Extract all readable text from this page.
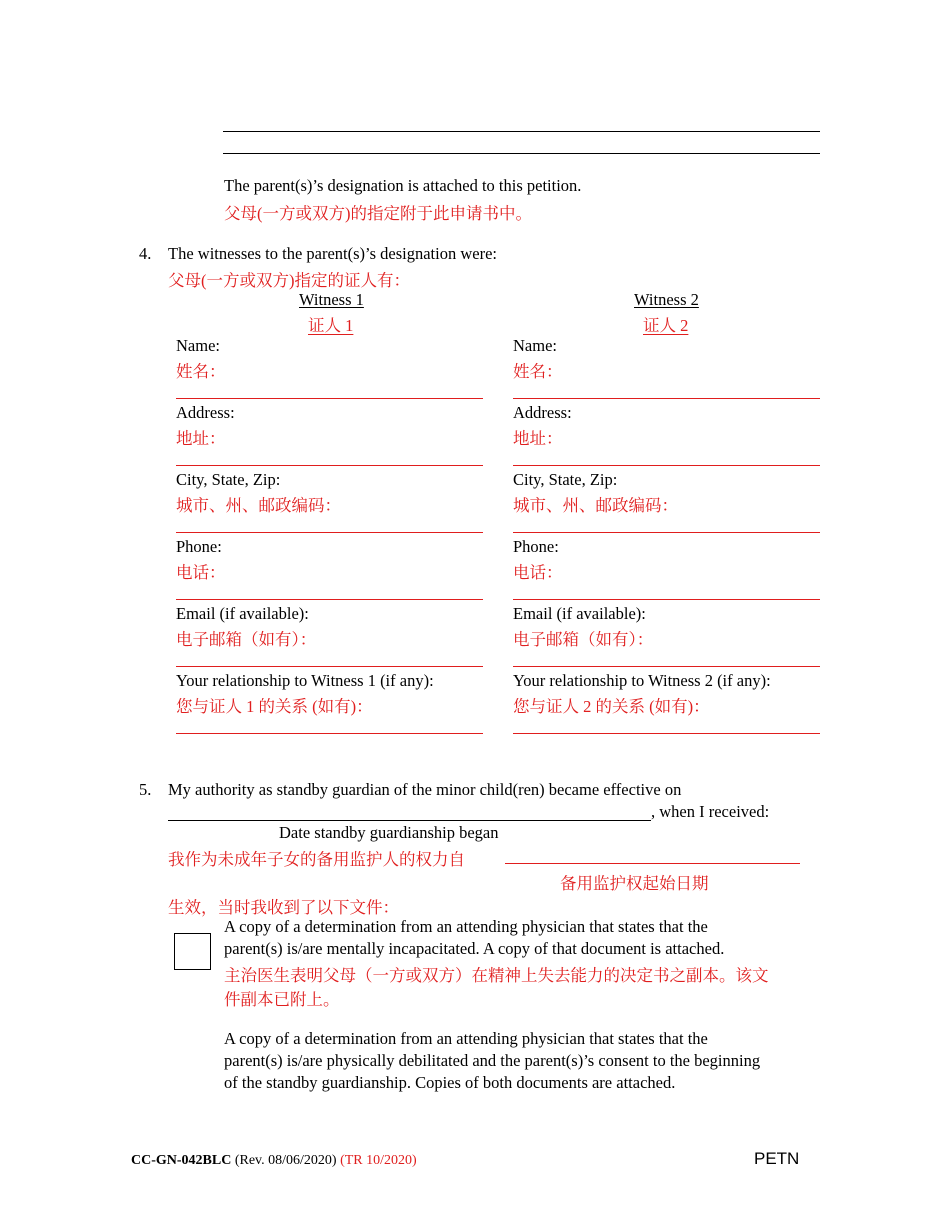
The parent(s)’s designation is attached to this petition.
父母(一方或双方)的指定附于此申请书中。
4. The witnesses to the parent(s)’s designation were:
父母(一方或双方)指定的证人有：
Witness 1
证人 1
Witness 2
证人 2
Name:
姓名：
Address:
地址：
City, State, Zip:
城市、州、邮政编码：
Phone:
电话：
Email (if available):
电子邮箱（如有）：
Your relationship to Witness 1 (if any):
您与证人 1 的关系 (如有)：
Name:
姓名：
Address:
地址：
City, State, Zip:
城市、州、邮政编码：
Phone:
电话：
Email (if available):
电子邮箱（如有）：
Your relationship to Witness 2 (if any):
您与证人 2 的关系 (如有)：
5. My authority as standby guardian of the minor child(ren) became effective on
, when I received:
Date standby guardianship began
我作为未成年子女的备用监护人的权力自
备用监护权起始日期
生效，当时我收到了以下文件：
A copy of a determination from an attending physician that states that the
parent(s) is/are mentally incapacitated. A copy of that document is attached.
主治医生表明父母（一方或双方）在精神上失去能力的决定书之副本。该文
件副本已附上。
A copy of a determination from an attending physician that states that the
parent(s) is/are physically debilitated and the parent(s)’s consent to the beginning
of the standby guardianship. Copies of both documents are attached.
CC-GN-042BLC (Rev. 08/06/2020) (TR 10/2020)	PETN
